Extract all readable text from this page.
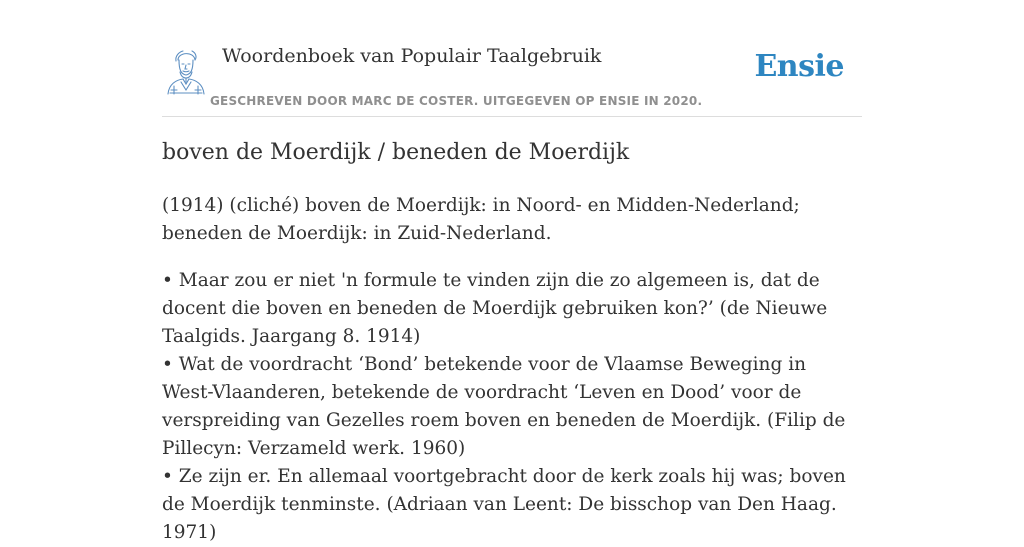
Woordenboek van Populair Taalgebruik
GESCHREVEN DOOR MARC DE COSTER. UITGEGEVEN OP ENSIE IN 2020.
Ensie
boven de Moerdijk / beneden de Moerdijk

(1914) (cliché) boven de Moerdijk: in Noord- en Midden-Nederland; beneden de Moerdijk: in Zuid-Nederland.

• Maar zou er niet 'n formule te vinden zijn die zo algemeen is, dat de docent die boven en beneden de Moerdijk gebruiken kon?’ (de Nieuwe Taalgids. Jaargang 8. 1914)
• Wat de voordracht ‘Bond’ betekende voor de Vlaamse Beweging in West-Vlaanderen, betekende de voordracht ‘Leven en Dood’ voor de verspreiding van Gezelles roem boven en beneden de Moerdijk. (Filip de Pillecyn: Verzameld werk. 1960)
• Ze zijn er. En allemaal voortgebracht door de kerk zoals hij was; boven de Moerdijk tenminste. (Adriaan van Leent: De bisschop van Den Haag. 1971)
